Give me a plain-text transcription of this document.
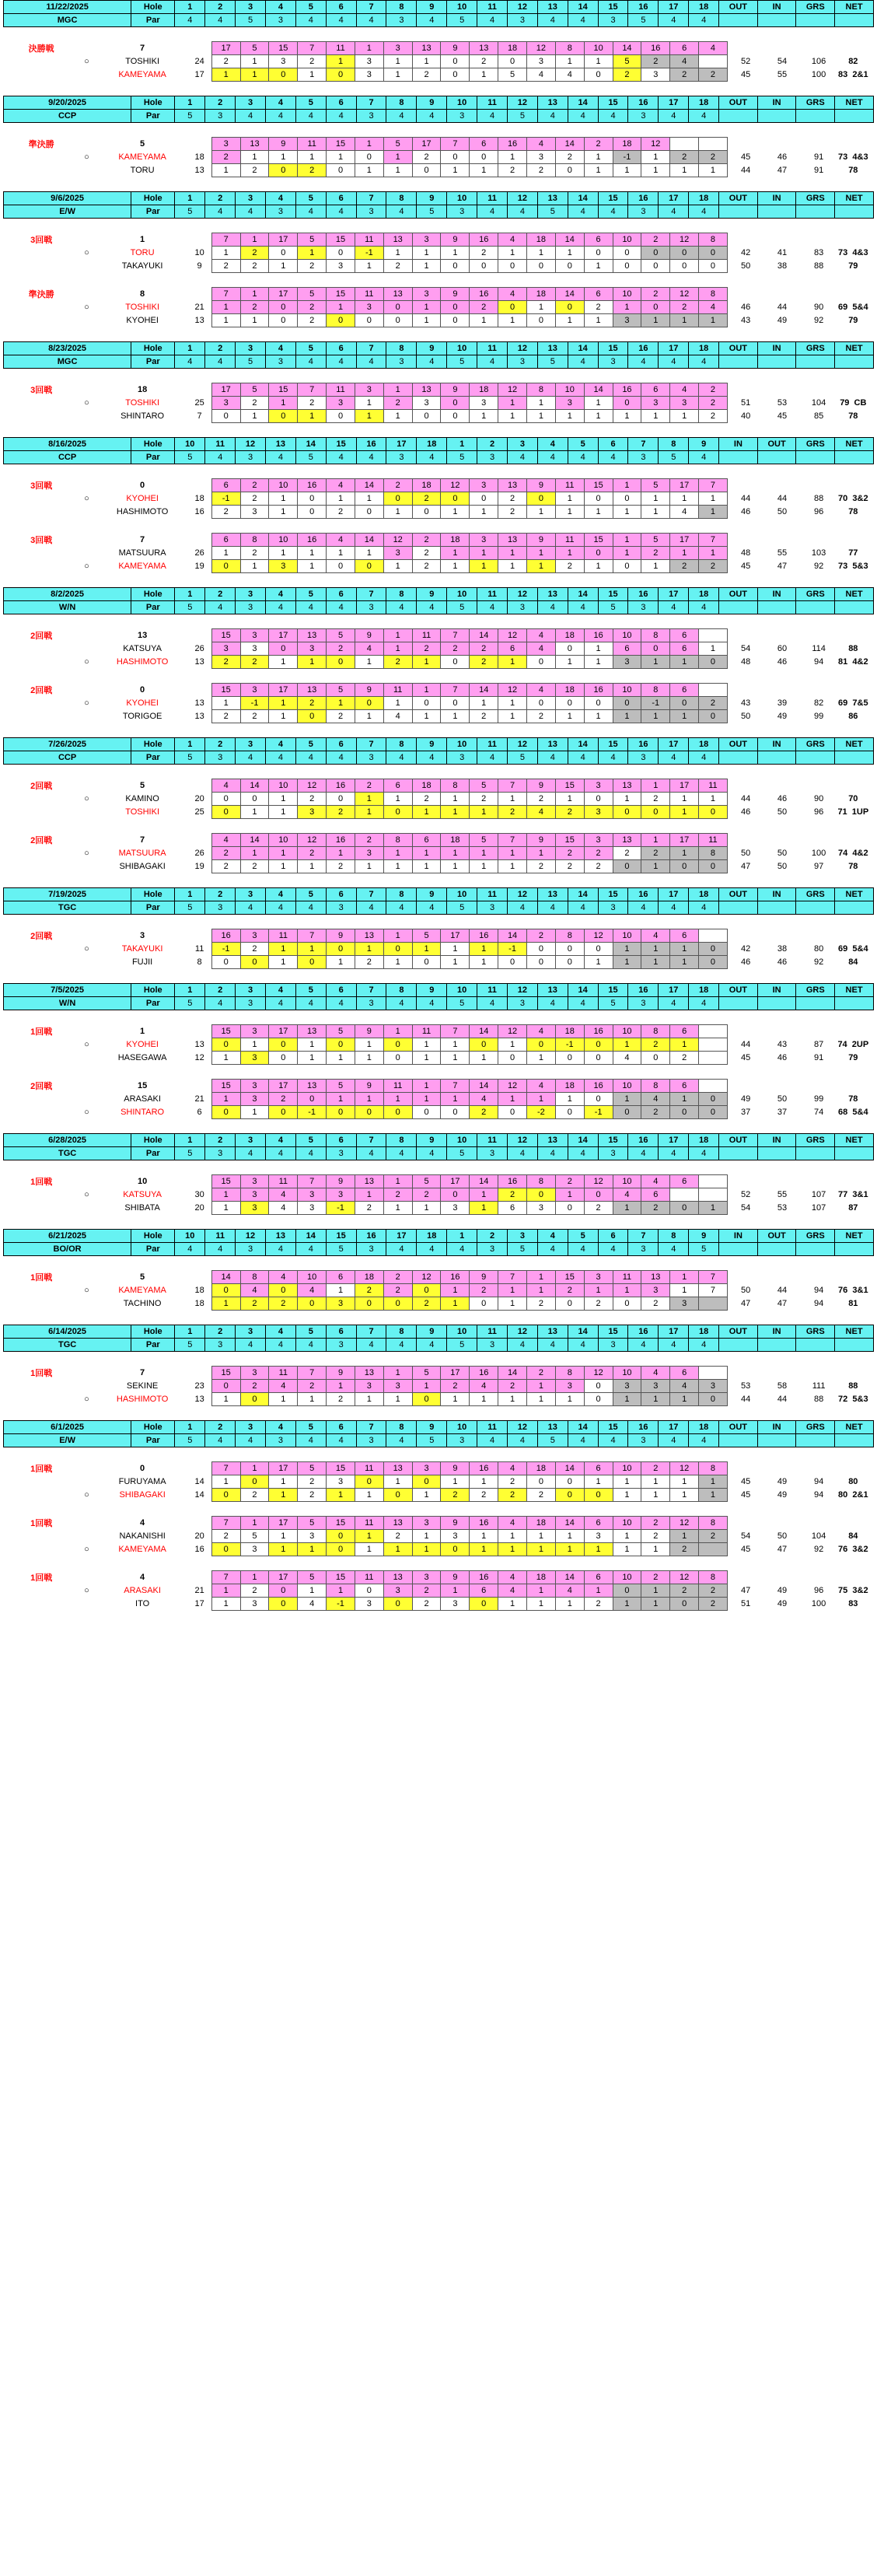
11/22/2025	Hole	1	2	3	4	5	6	7	8	9	10	11	12	13	14	15	16	17	18	OUT	IN	GRS	NET
MGC	Par	4	4	5	3	4	4	4	3	4	5	4	3	4	4	3	5	4	4				
決勝戦		7		17	5	15	7	11	1	3	13	9	13	18	12	8	10	14	16	6	4				
	○	TOSHIKI	24	2	1	3	2	1	3	1	1	0	2	0	3	1	1	5	2	4		52	54	106	82
		KAMEYAMA	17	1	1	0	1	0	3	1	2	0	1	5	4	4	0	2	3	2	2	45	55	100	83  2&1
9/20/2025	Hole	1	2	3	4	5	6	7	8	9	10	11	12	13	14	15	16	17	18	OUT	IN	GRS	NET
CCP	Par	5	3	4	4	4	4	3	4	4	3	4	5	4	4	4	3	4	4				
準決勝		5		3	13	9	11	15	1	5	17	7	6	16	4	14	2	18	12						
	○	KAMEYAMA	18	2	1	1	1	1	0	1	2	0	0	1	3	2	1	-1	1	2	2	45	46	91	73  4&3
		TORU	13	1	2	0	2	0	1	1	0	1	1	2	2	0	1	1	1	1	1	44	47	91	78
9/6/2025	Hole	1	2	3	4	5	6	7	8	9	10	11	12	13	14	15	16	17	18	OUT	IN	GRS	NET
E/W	Par	5	4	4	3	4	4	3	4	5	3	4	4	5	4	4	3	4	4				
3回戦		1		7	1	17	5	15	11	13	3	9	16	4	18	14	6	10	2	12	8				
	○	TORU	10	1	2	0	1	0	-1	1	1	1	2	1	1	1	0	0	0	0	0	42	41	83	73  4&3
		TAKAYUKI	9	2	2	1	2	3	1	2	1	0	0	0	0	0	1	0	0	0	0	50	38	88	79
準決勝		8		7	1	17	5	15	11	13	3	9	16	4	18	14	6	10	2	12	8				
	○	TOSHIKI	21	1	2	0	2	1	3	0	1	0	2	0	1	0	2	1	0	2	4	46	44	90	69  5&4
		KYOHEI	13	1	1	0	2	0	0	0	1	0	1	1	0	1	1	3	1	1	1	43	49	92	79
8/23/2025	Hole	1	2	3	4	5	6	7	8	9	10	11	12	13	14	15	16	17	18	OUT	IN	GRS	NET
MGC	Par	4	4	5	3	4	4	4	3	4	5	4	3	5	4	3	4	4	4				
3回戦		18		17	5	15	7	11	3	1	13	9	18	12	8	10	14	16	6	4	2				
	○	TOSHIKI	25	3	2	1	2	3	1	2	3	0	3	1	1	3	1	0	3	3	2	51	53	104	79  CB
		SHINTARO	7	0	1	0	1	0	1	1	0	0	1	1	1	1	1	1	1	1	2	40	45	85	78
8/16/2025	Hole	10	11	12	13	14	15	16	17	18	1	2	3	4	5	6	7	8	9	IN	OUT	GRS	NET
CCP	Par	5	4	3	4	5	4	4	3	4	5	3	4	4	4	4	3	5	4				
3回戦		0		6	2	10	16	4	14	2	18	12	3	13	9	11	15	1	5	17	7				
	○	KYOHEI	18	-1	2	1	0	1	1	0	2	0	0	2	0	1	0	0	1	1	1	44	44	88	70  3&2
		HASHIMOTO	16	2	3	1	0	2	0	1	0	1	1	2	1	1	1	1	1	4	1	46	50	96	78
3回戦		7		6	8	10	16	4	14	12	2	18	3	13	9	11	15	1	5	17	7				
		MATSUURA	26	1	2	1	1	1	1	3	2	1	1	1	1	1	0	1	2	1	1	48	55	103	77
	○	KAMEYAMA	19	0	1	3	1	0	0	1	2	1	1	1	1	2	1	0	1	2	2	45	47	92	73  5&3
8/2/2025	Hole	1	2	3	4	5	6	7	8	9	10	11	12	13	14	15	16	17	18	OUT	IN	GRS	NET
W/N	Par	5	4	3	4	4	4	3	4	4	5	4	3	4	4	5	3	4	4				
2回戦		13		15	3	17	13	5	9	1	11	7	14	12	4	18	16	10	8	6					
		KATSUYA	26	3	3	0	3	2	4	1	2	2	2	6	4	0	1	6	0	6	1	54	60	114	88
	○	HASHIMOTO	13	2	2	1	1	0	1	2	1	0	2	1	0	1	1	3	1	1	0	48	46	94	81  4&2
2回戦		0		15	3	17	13	5	9	11	1	7	14	12	4	18	16	10	8	6					
	○	KYOHEI	13	1	-1	1	2	1	0	1	0	0	1	1	0	0	0	0	-1	0	2	43	39	82	69  7&5
		TORIGOE	13	2	2	1	0	2	1	4	1	1	2	1	2	1	1	1	1	1	0	50	49	99	86
7/26/2025	Hole	1	2	3	4	5	6	7	8	9	10	11	12	13	14	15	16	17	18	OUT	IN	GRS	NET
CCP	Par	5	3	4	4	4	4	3	4	4	3	4	5	4	4	4	3	4	4				
2回戦		5		4	14	10	12	16	2	6	18	8	5	7	9	15	3	13	1	17	11				
	○	KAMINO	20	0	0	1	2	0	1	1	2	1	2	1	2	1	0	1	2	1	1	44	46	90	70
		TOSHIKI	25	0	1	1	3	2	1	0	1	1	1	2	4	2	3	0	0	1	0	46	50	96	71  1UP
2回戦		7		4	14	10	12	16	2	8	6	18	5	7	9	15	3	13	1	17	11				
	○	MATSUURA	26	2	1	1	2	1	3	1	1	1	1	1	1	2	2	2	2	1	8	50	50	100	74  4&2
		SHIBAGAKI	19	2	2	1	1	2	1	1	1	1	1	1	2	2	2	0	1	0	0	47	50	97	78
7/19/2025	Hole	1	2	3	4	5	6	7	8	9	10	11	12	13	14	15	16	17	18	OUT	IN	GRS	NET
TGC	Par	5	3	4	4	4	3	4	4	4	5	3	4	4	4	3	4	4	4				
2回戦		3		16	3	11	7	9	13	1	5	17	16	14	2	8	12	10	4	6					
	○	TAKAYUKI	11	-1	2	1	1	0	1	0	1	1	1	-1	0	0	0	1	1	1	0	42	38	80	69  5&4
		FUJII	8	0	0	1	0	1	2	1	0	1	1	0	0	0	1	1	1	1	0	46	46	92	84
7/5/2025	Hole	1	2	3	4	5	6	7	8	9	10	11	12	13	14	15	16	17	18	OUT	IN	GRS	NET
W/N	Par	5	4	3	4	4	4	3	4	4	5	4	3	4	4	5	3	4	4				
1回戦		1		15	3	17	13	5	9	1	11	7	14	12	4	18	16	10	8	6					
	○	KYOHEI	13	0	1	0	1	0	1	0	1	1	0	1	0	-1	0	1	2	1		44	43	87	74  2UP
		HASEGAWA	12	1	3	0	1	1	1	0	1	1	1	0	1	0	0	4	0	2		45	46	91	79
2回戦		15		15	3	17	13	5	9	11	1	7	14	12	4	18	16	10	8	6					
		ARASAKI	21	1	3	2	0	1	1	1	1	1	4	1	1	1	0	1	4	1	0	49	50	99	78
	○	SHINTARO	6	0	1	0	-1	0	0	0	0	0	2	0	-2	0	-1	0	2	0	0	37	37	74	68  5&4
6/28/2025	Hole	1	2	3	4	5	6	7	8	9	10	11	12	13	14	15	16	17	18	OUT	IN	GRS	NET
TGC	Par	5	3	4	4	4	3	4	4	4	5	3	4	4	4	3	4	4	4				
1回戦		10		15	3	11	7	9	13	1	5	17	14	16	8	2	12	10	4	6					
	○	KATSUYA	30	1	3	4	3	3	1	2	2	0	1	2	0	1	0	4	6			52	55	107	77  3&1
		SHIBATA	20	1	3	4	3	-1	2	1	1	3	1	6	3	0	2	1	2	0	1	54	53	107	87
6/21/2025	Hole	10	11	12	13	14	15	16	17	18	1	2	3	4	5	6	7	8	9	IN	OUT	GRS	NET
BO/OR	Par	4	4	3	4	4	5	3	4	4	4	3	5	4	4	4	3	4	5				
1回戦		5		14	8	4	10	6	18	2	12	16	9	7	1	15	3	11	13	1	7				
	○	KAMEYAMA	18	0	4	0	4	1	2	2	0	1	2	1	1	2	1	1	3	1	7	50	44	94	76  3&1
		TACHINO	18	1	2	2	0	3	0	0	2	1	0	1	2	0	2	0	2	3		47	47	94	81
6/14/2025	Hole	1	2	3	4	5	6	7	8	9	10	11	12	13	14	15	16	17	18	OUT	IN	GRS	NET
TGC	Par	5	3	4	4	4	3	4	4	4	5	3	4	4	4	3	4	4	4				
1回戦		7		15	3	11	7	9	13	1	5	17	16	14	2	8	12	10	4	6					
		SEKINE	23	0	2	4	2	1	3	3	1	2	4	2	1	3	0	3	3	4	3	53	58	111	88
	○	HASHIMOTO	13	1	0	1	1	2	1	1	0	1	1	1	1	1	0	1	1	1	0	44	44	88	72  5&3
6/1/2025	Hole	1	2	3	4	5	6	7	8	9	10	11	12	13	14	15	16	17	18	OUT	IN	GRS	NET
E/W	Par	5	4	4	3	4	4	3	4	5	3	4	4	5	4	4	3	4	4				
1回戦		0		7	1	17	5	15	11	13	3	9	16	4	18	14	6	10	2	12	8				
		FURUYAMA	14	1	0	1	2	3	0	1	0	1	1	2	0	0	1	1	1	1	1	45	49	94	80
	○	SHIBAGAKI	14	0	2	1	2	1	1	0	1	2	2	2	2	0	0	1	1	1	1	45	49	94	80  2&1
1回戦		4		7	1	17	5	15	11	13	3	9	16	4	18	14	6	10	2	12	8				
		NAKANISHI	20	2	5	1	3	0	1	2	1	3	1	1	1	1	3	1	2	1	2	54	50	104	84
	○	KAMEYAMA	16	0	3	1	1	0	1	1	1	0	1	1	1	1	1	1	1	2		45	47	92	76  3&2
1回戦		4		7	1	17	5	15	11	13	3	9	16	4	18	14	6	10	2	12	8				
	○	ARASAKI	21	1	2	0	1	1	0	3	2	1	6	4	1	4	1	0	1	2	2	47	49	96	75  3&2
		ITO	17	1	3	0	4	-1	3	0	2	3	0	1	1	1	2	1	1	0	2	51	49	100	83
